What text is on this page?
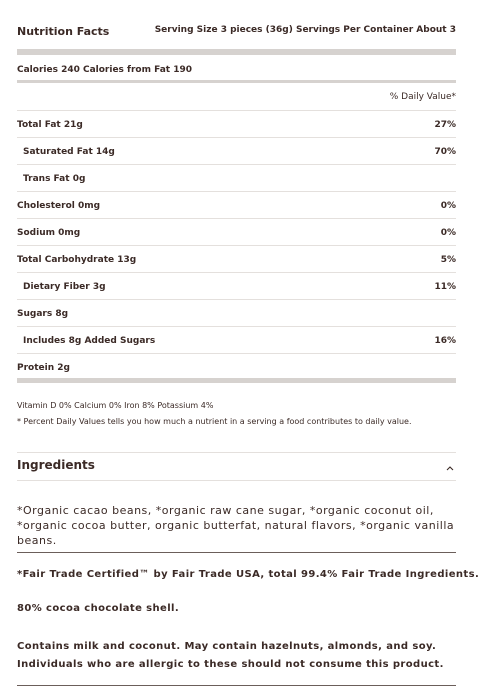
Nutrition Facts	Serving Size 3 pieces (36g) Servings Per Container About 3
Calories 240 Calories from Fat 190
% Daily Value*
Total Fat 21g	27%
Saturated Fat 14g	70%
Trans Fat 0g
Cholesterol 0mg	0%
Sodium 0mg	0%
Total Carbohydrate 13g	5%
Dietary Fiber 3g	11%
Sugars 8g
Includes 8g Added Sugars	16%
Protein 2g
Vitamin D 0% Calcium 0% Iron 8% Potassium 4%
* Percent Daily Values tells you how much a nutrient in a serving a food contributes to daily value.
Ingredients
*Organic cacao beans, *organic raw cane sugar, *organic coconut oil, *organic cocoa butter, organic butterfat, natural flavors, *organic vanilla beans.
*Fair Trade Certified™ by Fair Trade USA, total 99.4% Fair Trade Ingredients.
80% cocoa chocolate shell.
Contains milk and coconut. May contain hazelnuts, almonds, and soy. Individuals who are allergic to these should not consume this product.
